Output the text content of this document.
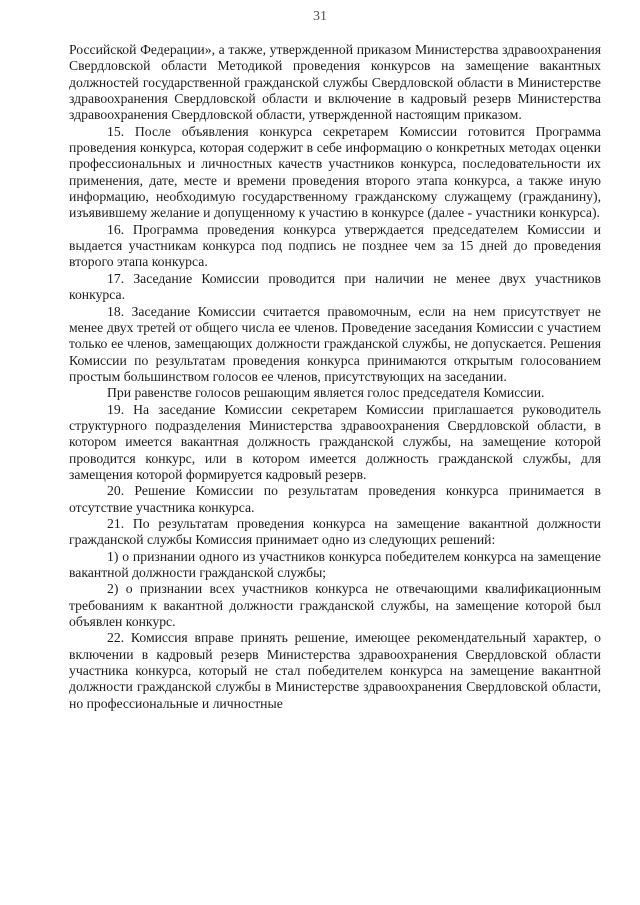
31

Российской Федерации», а также, утвержденной приказом Министерства здравоохранения Свердловской области Методикой проведения конкурсов на замещение вакантных должностей государственной гражданской службы Свердловской области в Министерстве здравоохранения Свердловской области и включение в кадровый резерв Министерства здравоохранения Свердловской области, утвержденной настоящим приказом.

15. После объявления конкурса секретарем Комиссии готовится Программа проведения конкурса, которая содержит в себе информацию о конкретных методах оценки профессиональных и личностных качеств участников конкурса, последовательности их применения, дате, месте и времени проведения второго этапа конкурса, а также иную информацию, необходимую государственному гражданскому служащему (гражданину), изъявившему желание и допущенному к участию в конкурсе (далее - участники конкурса).

16. Программа проведения конкурса утверждается председателем Комиссии и выдается участникам конкурса под подпись не позднее чем за 15 дней до проведения второго этапа конкурса.

17. Заседание Комиссии проводится при наличии не менее двух участников конкурса.

18. Заседание Комиссии считается правомочным, если на нем присутствует не менее двух третей от общего числа ее членов. Проведение заседания Комиссии с участием только ее членов, замещающих должности гражданской службы, не допускается. Решения Комиссии по результатам проведения конкурса принимаются открытым голосованием простым большинством голосов ее членов, присутствующих на заседании.

При равенстве голосов решающим является голос председателя Комиссии.

19. На заседание Комиссии секретарем Комиссии приглашается руководитель структурного подразделения Министерства здравоохранения Свердловской области, в котором имеется вакантная должность гражданской службы, на замещение которой проводится конкурс, или в котором имеется должность гражданской службы, для замещения которой формируется кадровый резерв.

20. Решение Комиссии по результатам проведения конкурса принимается в отсутствие участника конкурса.

21. По результатам проведения конкурса на замещение вакантной должности гражданской службы Комиссия принимает одно из следующих решений:

1) о признании одного из участников конкурса победителем конкурса на замещение вакантной должности гражданской службы;

2) о признании всех участников конкурса не отвечающими квалификационным требованиям к вакантной должности гражданской службы, на замещение которой был объявлен конкурс.

22. Комиссия вправе принять решение, имеющее рекомендательный характер, о включении в кадровый резерв Министерства здравоохранения Свердловской области участника конкурса, который не стал победителем конкурса на замещение вакантной должности гражданской службы в Министерстве здравоохранения Свердловской области, но профессиональные и личностные
